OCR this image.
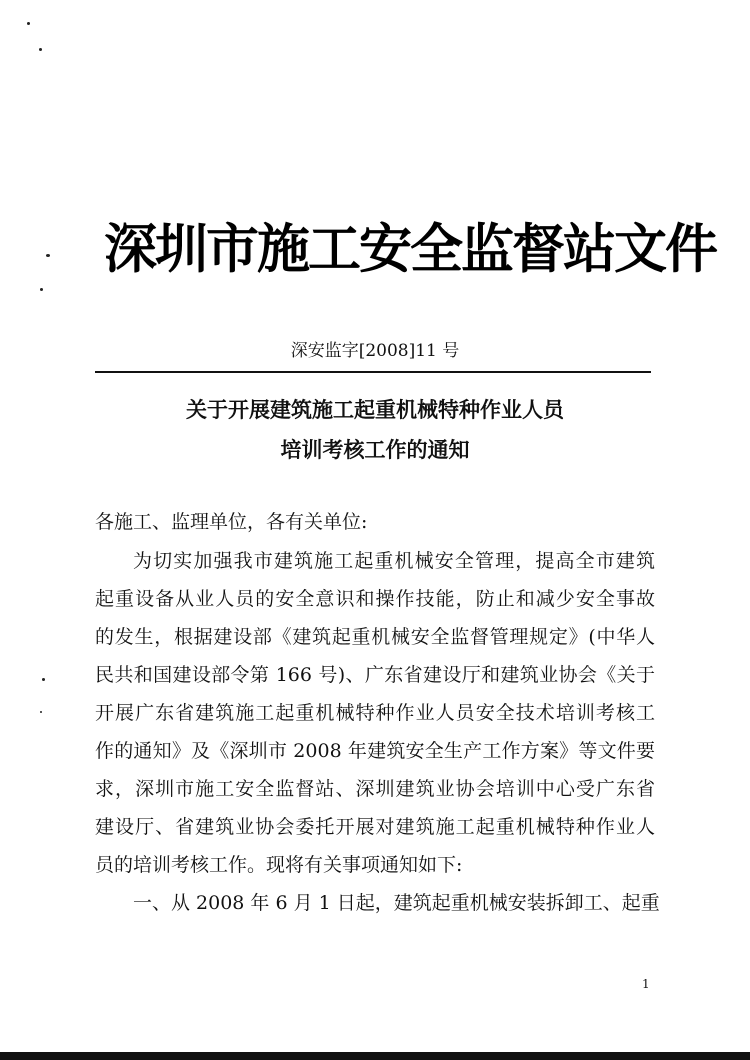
深圳市施工安全监督站文件
深安监字[2008]11 号
关于开展建筑施工起重机械特种作业人员
培训考核工作的通知
各施工、监理单位，各有关单位:
为切实加强我市建筑施工起重机械安全管理，提高全市建筑
起重设备从业人员的安全意识和操作技能，防止和减少安全事故
的发生，根据建设部《建筑起重机械安全监督管理规定》(中华人
民共和国建设部令第 166 号)、广东省建设厅和建筑业协会《关于
开展广东省建筑施工起重机械特种作业人员安全技术培训考核工
作的通知》及《深圳市 2008 年建筑安全生产工作方案》等文件要
求，深圳市施工安全监督站、深圳建筑业协会培训中心受广东省
建设厅、省建筑业协会委托开展对建筑施工起重机械特种作业人
员的培训考核工作。现将有关事项通知如下:
一、从 2008 年 6 月 1 日起，建筑起重机械安装拆卸工、起重
1
